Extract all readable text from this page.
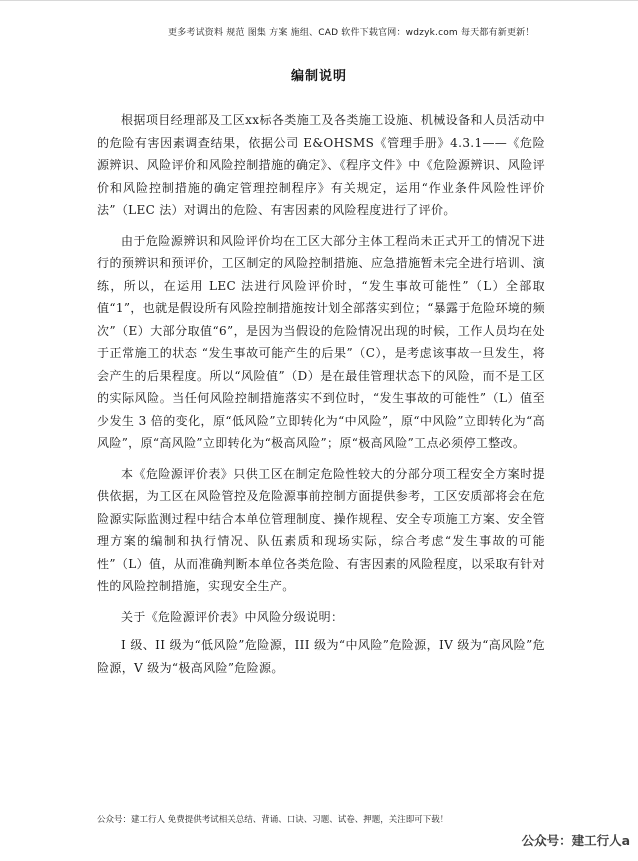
更多考试资料 规范 图集 方案 施组、CAD 软件下载官网：wdzyk.com 每天都有新更新！
编制说明

根据项目经理部及工区xx标各类施工及各类施工设施、机械设备和人员活动中的危险有害因素调查结果，依据公司 E&OHSMS《管理手册》4.3.1——《危险源辨识、风险评价和风险控制措施的确定》、《程序文件》中《危险源辨识、风险评价和风险控制措施的确定管理控制程序》有关规定，运用“作业条件风险性评价法”（LEC 法）对调出的危险、有害因素的风险程度进行了评价。

由于危险源辨识和风险评价均在工区大部分主体工程尚未正式开工的情况下进行的预辨识和预评价，工区制定的风险控制措施、应急措施暂未完全进行培训、演练，所以，在运用 LEC 法进行风险评价时，“发生事故可能性”（L）全部取值“1”，也就是假设所有风险控制措施按计划全部落实到位；“暴露于危险环境的频次”（E）大部分取值“6”，是因为当假设的危险情况出现的时候，工作人员均在处于正常施工的状态 “发生事故可能产生的后果”（C），是考虑该事故一旦发生，将会产生的后果程度。所以“风险值”（D）是在最佳管理状态下的风险，而不是工区的实际风险。当任何风险控制措施落实不到位时，“发生事故的可能性”（L）值至少发生 3 倍的变化，原“低风险”立即转化为“中风险”，原“中风险”立即转化为“高风险”，原“高风险”立即转化为“极高风险”；原“极高风险”工点必须停工整改。

本《危险源评价表》只供工区在制定危险性较大的分部分项工程安全方案时提供依据，为工区在风险管控及危险源事前控制方面提供参考，工区安质部将会在危险源实际监测过程中结合本单位管理制度、操作规程、安全专项施工方案、安全管理方案的编制和执行情况、队伍素质和现场实际，综合考虑“发生事故的可能性”（L）值，从而准确判断本单位各类危险、有害因素的风险程度，以采取有针对性的风险控制措施，实现安全生产。

关于《危险源评价表》中风险分级说明：

I 级、II 级为“低风险”危险源，III 级为“中风险”危险源，IV 级为“高风险”危险源，V 级为“极高风险”危险源。

公众号：建工行人 免费提供考试相关总结、背诵、口诀、习题、试卷、押题，关注即可下载！
公众号：建工行人a
